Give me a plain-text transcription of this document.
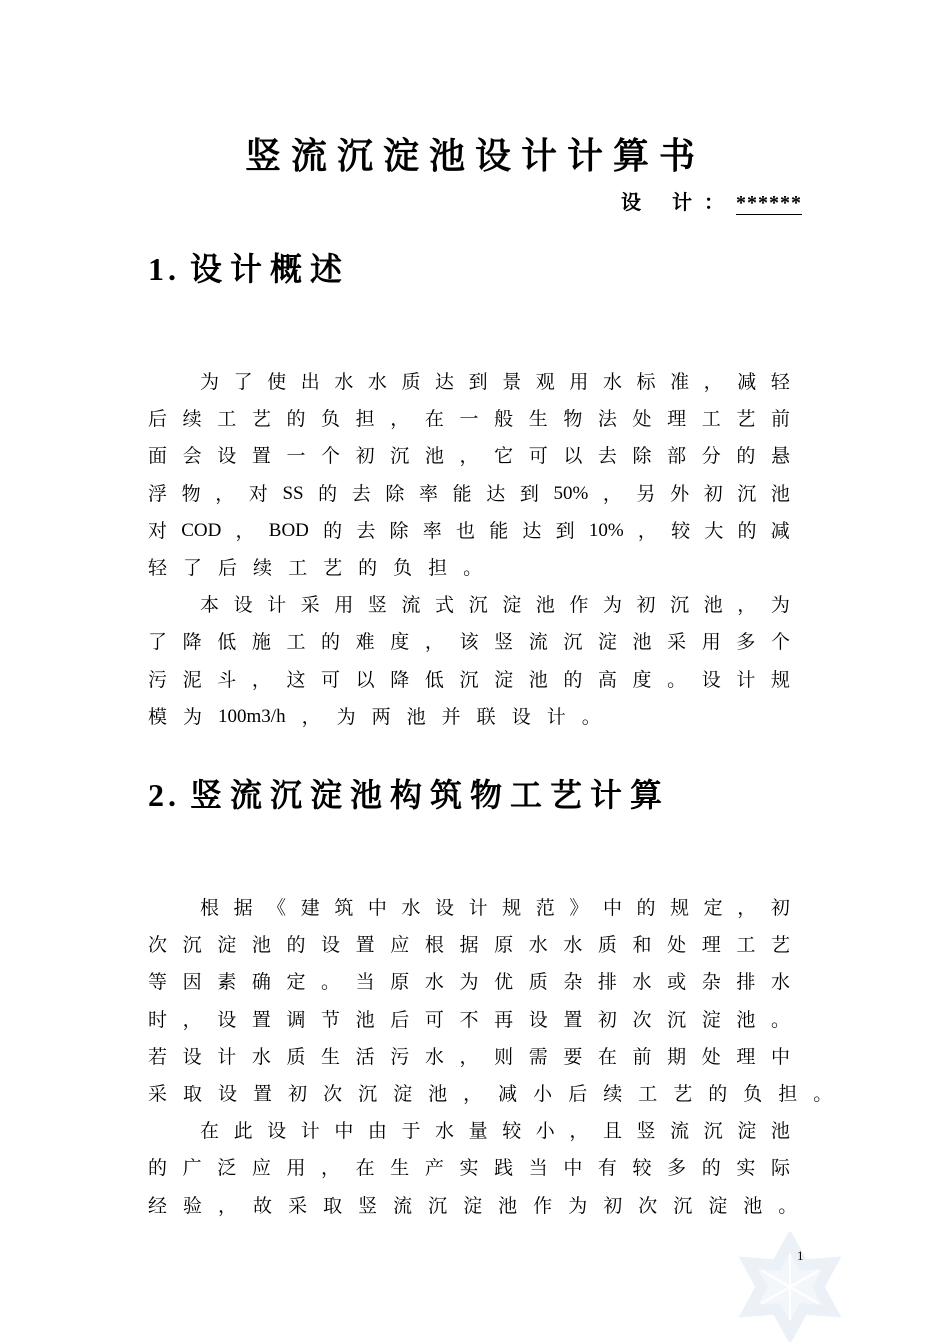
竖流沉淀池设计计算书
设 计：******
1. 设计概述
为 了 使 出 水 水 质 达 到 景 观 用 水 标 准 ， 减 轻
后 续 工 艺 的 负 担 ， 在 一 般 生 物 法 处 理 工 艺 前
面 会 设 置 一 个 初 沉 池 ， 它 可 以 去 除 部 分 的 悬
浮 物 ， 对 SS 的 去 除 率 能 达 到 50% ， 另 外 初 沉 池
对 COD ， BOD 的 去 除 率 也 能 达 到 10% ， 较 大 的 减
轻 了 后 续 工 艺 的 负 担 。
本 设 计 采 用 竖 流 式 沉 淀 池 作 为 初 沉 池 ， 为
了 降 低 施 工 的 难 度 ， 该 竖 流 沉 淀 池 采 用 多 个
污 泥 斗 ， 这 可 以 降 低 沉 淀 池 的 高 度 。 设 计 规
模 为 100m3/h ， 为 两 池 并 联 设 计 。
2. 竖流沉淀池构筑物工艺计算
根 据 《 建 筑 中 水 设 计 规 范 》 中 的 规 定 ， 初
次 沉 淀 池 的 设 置 应 根 据 原 水 水 质 和 处 理 工 艺
等 因 素 确 定 。 当 原 水 为 优 质 杂 排 水 或 杂 排 水
时 ， 设 置 调 节 池 后 可 不 再 设 置 初 次 沉 淀 池 。
若 设 计 水 质 生 活 污 水 ， 则 需 要 在 前 期 处 理 中
采 取 设 置 初 次 沉 淀 池 ， 减 小 后 续 工 艺 的 负 担 。
在 此 设 计 中 由 于 水 量 较 小 ， 且 竖 流 沉 淀 池
的 广 泛 应 用 ， 在 生 产 实 践 当 中 有 较 多 的 实 际
经 验 ， 故 采 取 竖 流 沉 淀 池 作 为 初 次 沉 淀 池 。
1
